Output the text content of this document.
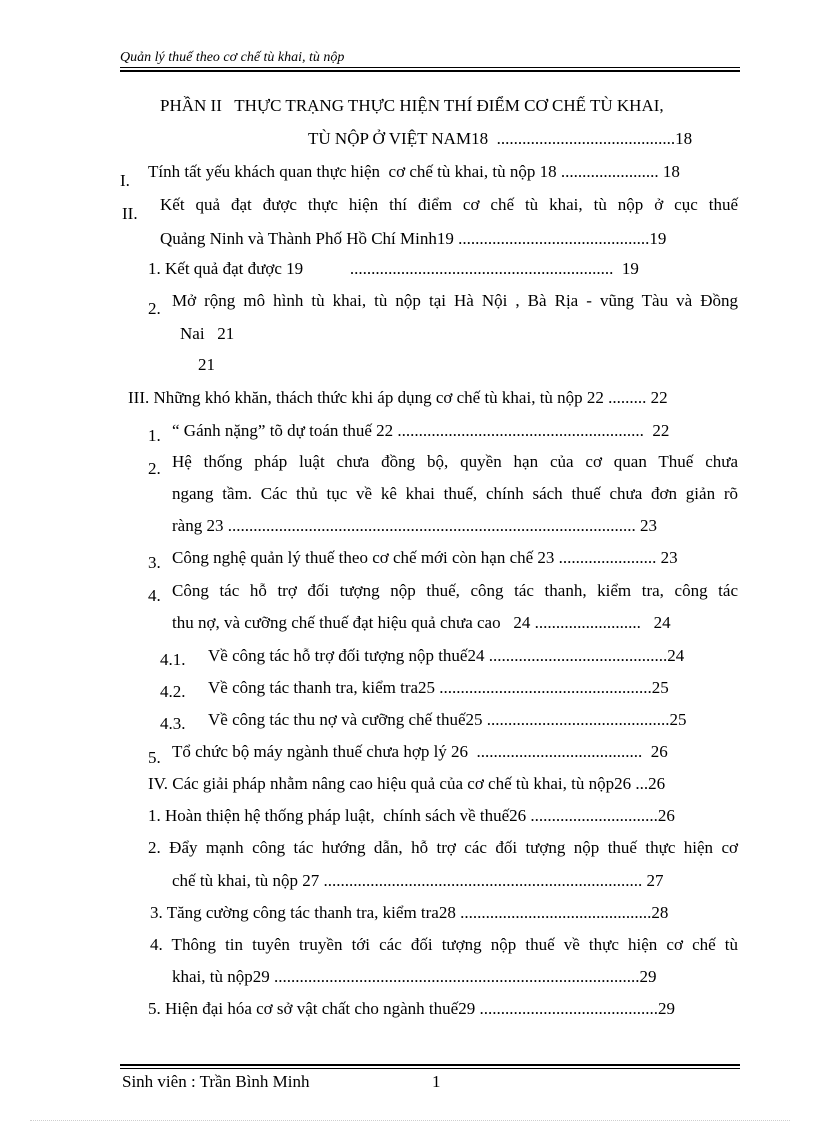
Quản lý thuế theo cơ chế tù khai, tù nộp
PHẦN II   THỰC TRẠNG THỰC HIỆN THÍ ĐIỂM CƠ CHẾ TÙ KHAI,
TÙ NỘP Ở VIỆT NAM18  ..........................................18
I. Tính tất yếu khách quan thực hiện  cơ chế tù khai, tù nộp 18 ....................... 18
II. Kết quả đạt được thực hiện thí điểm cơ chế tù khai, tù nộp ở cục thuế
Quảng Ninh và Thành Phố Hồ Chí Minh19 .............................................19
1. Kết quả đạt được 19           ..............................................................  19
2. Mở rộng mô hình tù khai, tù nộp tại Hà Nội , Bà Rịa - vũng Tàu và Đồng
Nai   21
21
III. Những khó khăn, thách thức khi áp dụng cơ chế tù khai, tù nộp 22 ......... 22
1. “ Gánh nặng” tõ dự toán thuế 22 ..........................................................  22
2. Hệ thống pháp luật chưa đồng bộ, quyền hạn của cơ quan Thuế chưa
ngang tầm. Các thủ tục về kê khai thuế, chính sách thuế chưa đơn giản rõ
ràng 23 ................................................................................................ 23
3. Công nghệ quản lý thuế theo cơ chế mới còn hạn chế 23 ....................... 23
4. Công tác hỗ trợ đối tượng nộp thuế, công tác thanh, kiểm tra, công tác
thu nợ, và cưỡng chế thuế đạt hiệu quả chưa cao   24 .........................   24
4.1. Về công tác hỗ trợ đối tượng nộp thuế24 ..........................................24
4.2. Về công tác thanh tra, kiểm tra25 ..................................................25
4.3. Về công tác thu nợ và cưỡng chế thuế25 ...........................................25
5. Tổ chức bộ máy ngành thuế chưa hợp lý 26  .......................................  26
IV. Các giải pháp nhằm nâng cao hiệu quả của cơ chế tù khai, tù nộp26 ...26
1. Hoàn thiện hệ thống pháp luật,  chính sách về thuế26 ..............................26
2. Đẩy mạnh công tác hướng dẫn, hỗ trợ các đối tượng nộp thuế thực hiện cơ
chế tù khai, tù nộp 27 ........................................................................... 27
3. Tăng cường công tác thanh tra, kiểm tra28 .............................................28
4. Thông tin tuyên truyền tới các đối tượng nộp thuế về thực hiện cơ chế tù
khai, tù nộp29 ......................................................................................29
5. Hiện đại hóa cơ sở vật chất cho ngành thuế29 ..........................................29
Sinh viên : Trần Bình Minh	1
